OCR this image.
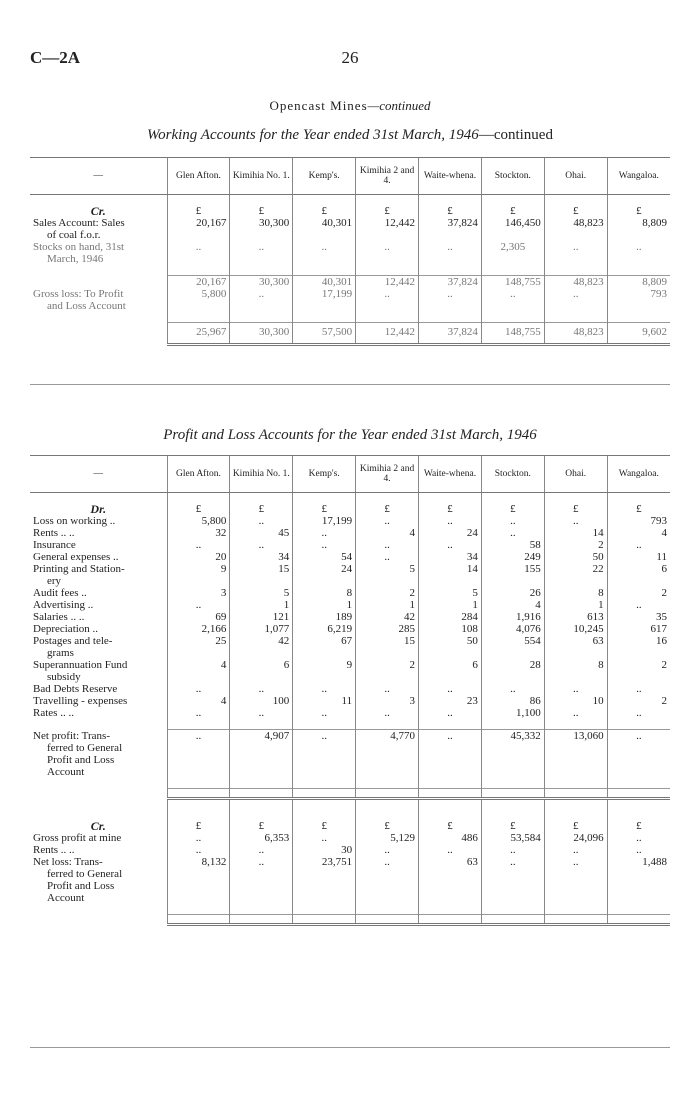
C—2A	26
Opencast Mines—continued
Working Accounts for the Year ended 31st March, 1946—continued
—	Glen Afton.	Kimihia No. 1.	Kemp's.	Kimihia 2 and 4.	Waite-whena.	Stockton.	Ohai.	Wangaloa.

Cr.	£	£	£	£	£	£	£	£

Sales Account: Sales
of coal f.o.r.	20,167	30,300	40,301	12,442	37,824	146,450	48,823	8,809

Stocks on hand, 31st
March, 1946	..	..	..	..	..	2,305	..	..

	20,167	30,300	40,301	12,442	37,824	148,755	48,823	8,809

Gross loss: To Profit
and Loss Account	5,800	..	17,199	..	..	..	..	793

	25,967	30,300	57,500	12,442	37,824	148,755	48,823	9,602
Profit and Loss Accounts for the Year ended 31st March, 1946
—	Glen Afton.	Kimihia No. 1.	Kemp's.	Kimihia 2 and 4.	Waite-whena.	Stockton.	Ohai.	Wangaloa.

Dr.	£	£	£	£	£	£	£	£

Loss on working ..	5,800	..	17,199	..	..	..	..	793

Rents .. ..	32	45	..	4	24	..	14	4

Insurance	..	..	..	..	..	58	2	..

General expenses ..	20	34	54	..	34	249	50	11

Printing and Station-
ery	9	15	24	5	14	155	22	6

Audit fees ..	3	5	8	2	5	26	8	2

Advertising ..	..	1	1	1	1	4	1	..

Salaries .. ..	69	121	189	42	284	1,916	613	35

Depreciation ..	2,166	1,077	6,219	285	108	4,076	10,245	617

Postages and tele-
grams	25	42	67	15	50	554	63	16

Superannuation Fund
subsidy	4	6	9	2	6	28	8	2

Bad Debts Reserve	..	..	..	..	..	..	..	..

Travelling - expenses	4	100	11	3	23	86	10	2

Rates .. ..	..	..	..	..	..	1,100	..	..

Net profit: Trans-
ferred to General
Profit and Loss
Account	..	4,907	..	4,770	..	45,332	13,060	..

Cr.	£	£	£	£	£	£	£	£

Gross profit at mine	..	6,353	..	5,129	486	53,584	24,096	..

Rents .. ..	..	..	30	..	..	..	..	..

Net loss: Trans-
ferred to General
Profit and Loss
Account	8,132	..	23,751	..	63	..	..	1,488
